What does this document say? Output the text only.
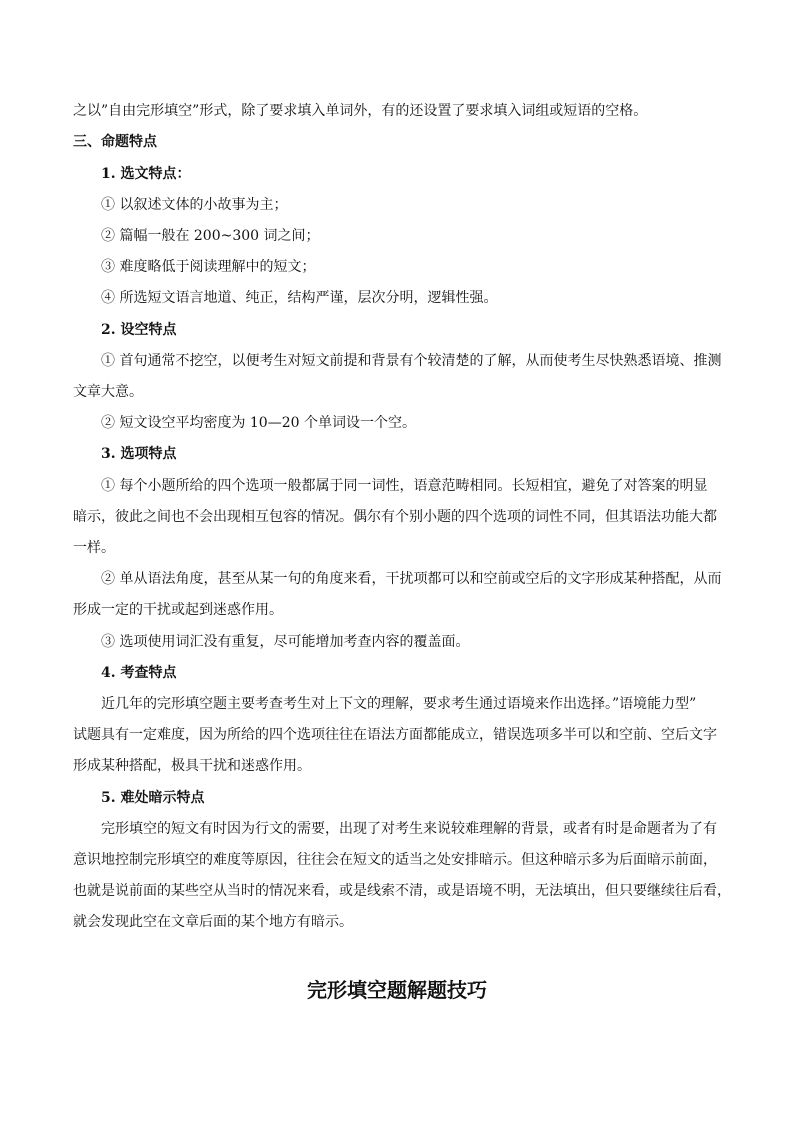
之以”自由完形填空”形式，除了要求填入单词外，有的还设置了要求填入词组或短语的空格。
三、命题特点
1. 选文特点：
① 以叙述文体的小故事为主；
② 篇幅一般在 200~300 词之间；
③ 难度略低于阅读理解中的短文；
④ 所选短文语言地道、纯正，结构严谨，层次分明，逻辑性强。
2. 设空特点
① 首句通常不挖空，以便考生对短文前提和背景有个较清楚的了解，从而使考生尽快熟悉语境、推测
文章大意。
② 短文设空平均密度为 10—20 个单词设一个空。
3. 选项特点
① 每个小题所给的四个选项一般都属于同一词性，语意范畴相同。长短相宜，避免了对答案的明显
暗示，彼此之间也不会出现相互包容的情况。偶尔有个别小题的四个选项的词性不同，但其语法功能大都
一样。
② 单从语法角度，甚至从某一句的角度来看，干扰项都可以和空前或空后的文字形成某种搭配，从而
形成一定的干扰或起到迷惑作用。
③ 选项使用词汇没有重复，尽可能增加考查内容的覆盖面。
4. 考查特点
近几年的完形填空题主要考查考生对上下文的理解，要求考生通过语境来作出选择。”语境能力型”
试题具有一定难度，因为所给的四个选项往往在语法方面都能成立，错误选项多半可以和空前、空后文字
形成某种搭配，极具干扰和迷惑作用。
5. 难处暗示特点
完形填空的短文有时因为行文的需要，出现了对考生来说较难理解的背景，或者有时是命题者为了有
意识地控制完形填空的难度等原因，往往会在短文的适当之处安排暗示。但这种暗示多为后面暗示前面，
也就是说前面的某些空从当时的情况来看，或是线索不清，或是语境不明，无法填出，但只要继续往后看，
就会发现此空在文章后面的某个地方有暗示。
完形填空题解题技巧
